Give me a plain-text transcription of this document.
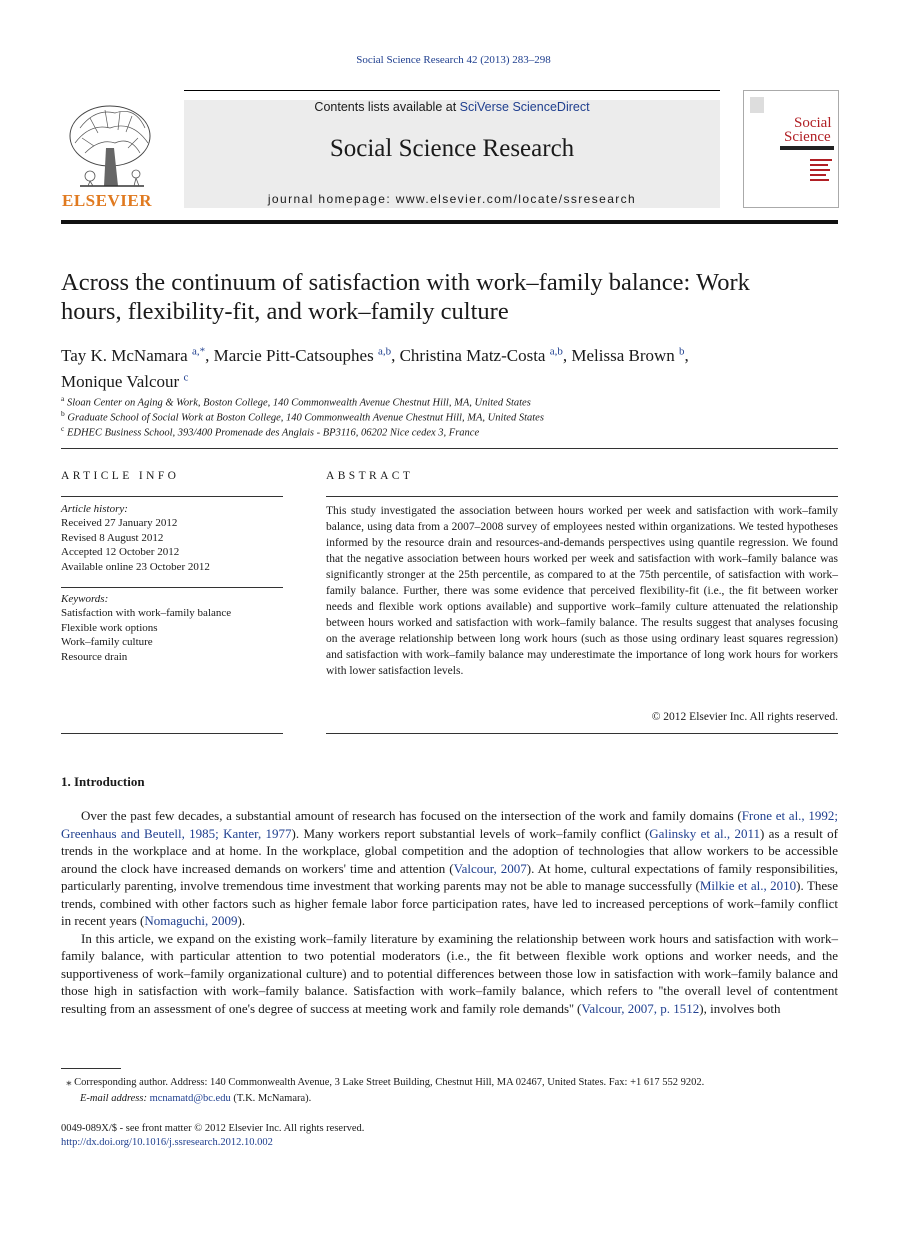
Social Science Research 42 (2013) 283–298
ELSEVIER
Contents lists available at SciVerse ScienceDirect
Social Science Research
journal homepage: www.elsevier.com/locate/ssresearch
Social
Science
Across the continuum of satisfaction with work–family balance: Work
hours, flexibility-fit, and work–family culture
Tay K. McNamara $^{a,*}$, Marcie Pitt-Catsouphes $^{a,b}$, Christina Matz-Costa $^{a,b}$, Melissa Brown $^b$,
Monique Valcour $^c$
$^a$ Sloan Center on Aging & Work, Boston College, 140 Commonwealth Avenue Chestnut Hill, MA, United States
$^b$ Graduate School of Social Work at Boston College, 140 Commonwealth Avenue Chestnut Hill, MA, United States
$^c$ EDHEC Business School, 393/400 Promenade des Anglais - BP3116, 06202 Nice cedex 3, France
ARTICLE INFO
Article history:
Received 27 January 2012
Revised 8 August 2012
Accepted 12 October 2012
Available online 23 October 2012
Keywords:
Satisfaction with work–family balance
Flexible work options
Work–family culture
Resource drain
ABSTRACT
This study investigated the association between hours worked per week and satisfaction with work–family balance, using data from a 2007–2008 survey of employees nested within organizations. We tested hypotheses informed by the resource drain and resources-and-demands perspectives using quantile regression. We found that the negative association between hours worked per week and satisfaction with work–family balance was significantly stronger at the 25th percentile, as compared to at the 75th percentile, of satisfaction with work–family balance. Further, there was some evidence that perceived flexibility-fit (i.e., the fit between worker needs and flexible work options available) and supportive work–family culture attenuated the relationship between hours worked and satisfaction with work–family balance. The results suggest that analyses focusing on the average relationship between long work hours (such as those using ordinary least squares regression) and satisfaction with work–family balance may underestimate the importance of long work hours for workers with lower satisfaction levels.
© 2012 Elsevier Inc. All rights reserved.
1. Introduction

Over the past few decades, a substantial amount of research has focused on the intersection of the work and family domains (Frone et al., 1992; Greenhaus and Beutell, 1985; Kanter, 1977). Many workers report substantial levels of work–family conflict (Galinsky et al., 2011) as a result of trends in the workplace and at home. In the workplace, global competition and the adoption of technologies that allow workers to be accessible around the clock have increased demands on workers' time and attention (Valcour, 2007). At home, cultural expectations of family responsibilities, particularly parenting, involve tremendous time investment that working parents may not be able to manage successfully (Milkie et al., 2010). These trends, combined with other factors such as higher female labor force participation rates, have led to increased perceptions of work–family conflict in recent years (Nomaguchi, 2009).

In this article, we expand on the existing work–family literature by examining the relationship between work hours and satisfaction with work–family balance, with particular attention to two potential moderators (i.e., the fit between flexible work options and worker needs, and the supportiveness of work–family organizational culture) and to potential differences between those low in satisfaction with work–family balance and those high in satisfaction with work–family balance. Satisfaction with work–family balance, which refers to ''the overall level of contentment resulting from an assessment of one's degree of success at meeting work and family role demands'' (Valcour, 2007, p. 1512), involves both

⁎ Corresponding author. Address: 140 Commonwealth Avenue, 3 Lake Street Building, Chestnut Hill, MA 02467, United States. Fax: +1 617 552 9202.
E-mail address: mcnamatd@bc.edu (T.K. McNamara).
0049-089X/$ - see front matter © 2012 Elsevier Inc. All rights reserved.
http://dx.doi.org/10.1016/j.ssresearch.2012.10.002
